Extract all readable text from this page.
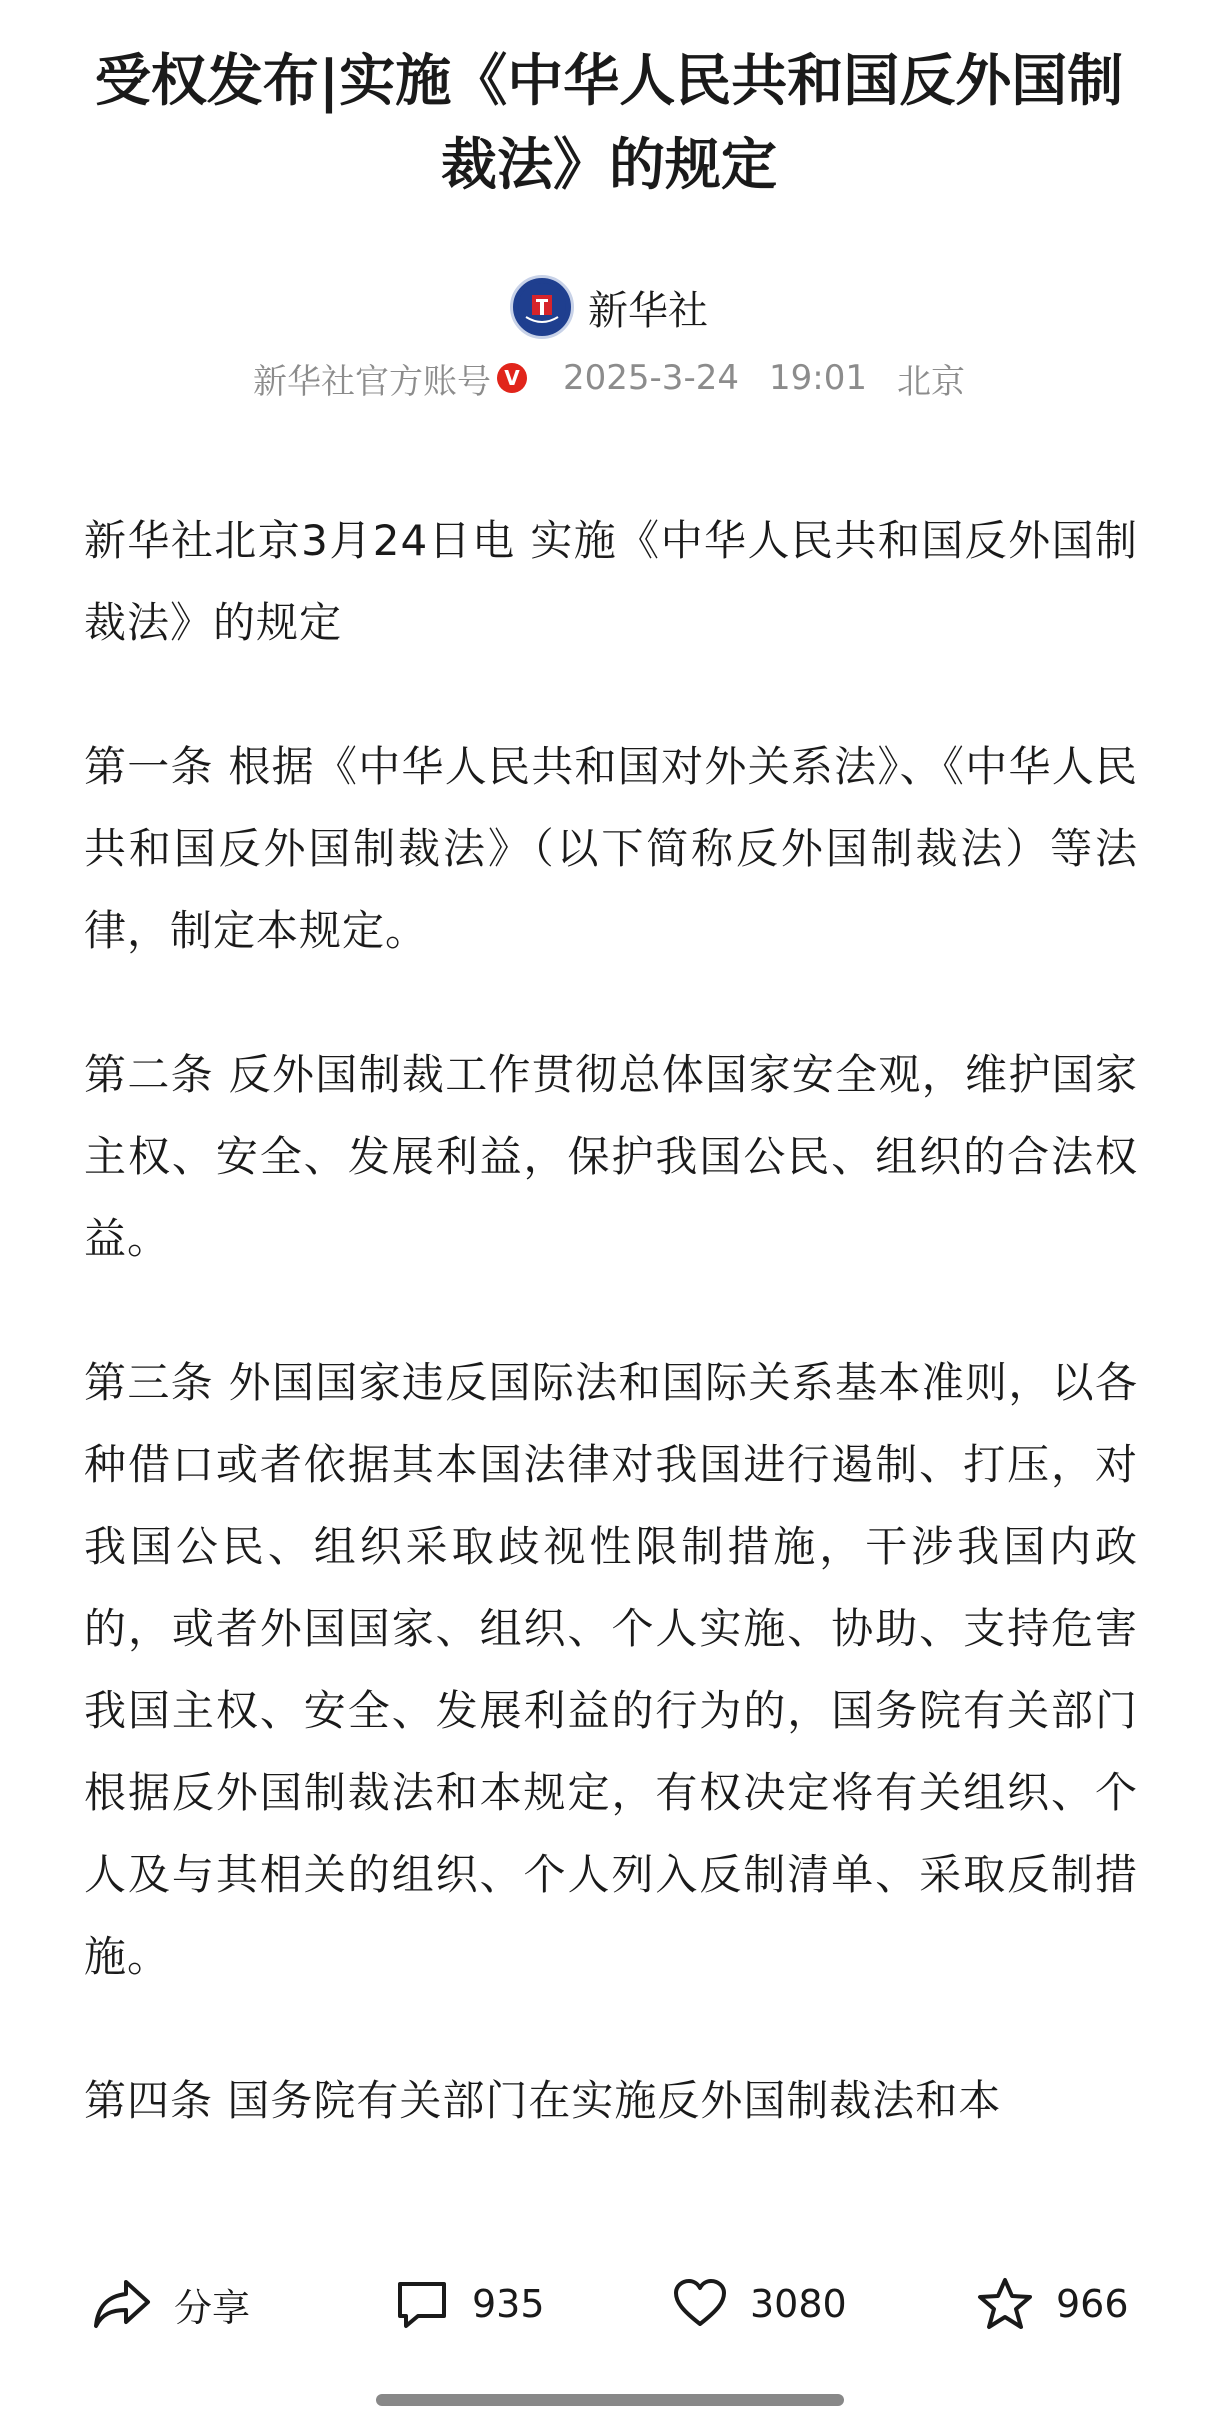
受权发布|实施《中华人民共和国反外国制裁法》的规定
新华社
新华社官方账号 V 2025-3-24 19:01 北京

新华社北京3月24日电 实施《中华人民共和国反外国制裁法》的规定

第一条 根据《中华人民共和国对外关系法》、《中华人民共和国反外国制裁法》（以下简称反外国制裁法）等法律，制定本规定。

第二条 反外国制裁工作贯彻总体国家安全观，维护国家主权、安全、发展利益，保护我国公民、组织的合法权益。

第三条 外国国家违反国际法和国际关系基本准则，以各种借口或者依据其本国法律对我国进行遏制、打压，对我国公民、组织采取歧视性限制措施，干涉我国内政的，或者外国国家、组织、个人实施、协助、支持危害我国主权、安全、发展利益的行为的，国务院有关部门根据反外国制裁法和本规定，有权决定将有关组织、个人及与其相关的组织、个人列入反制清单、采取反制措施。

第四条 国务院有关部门在实施反外国制裁法和本

分享	935	3080	966
